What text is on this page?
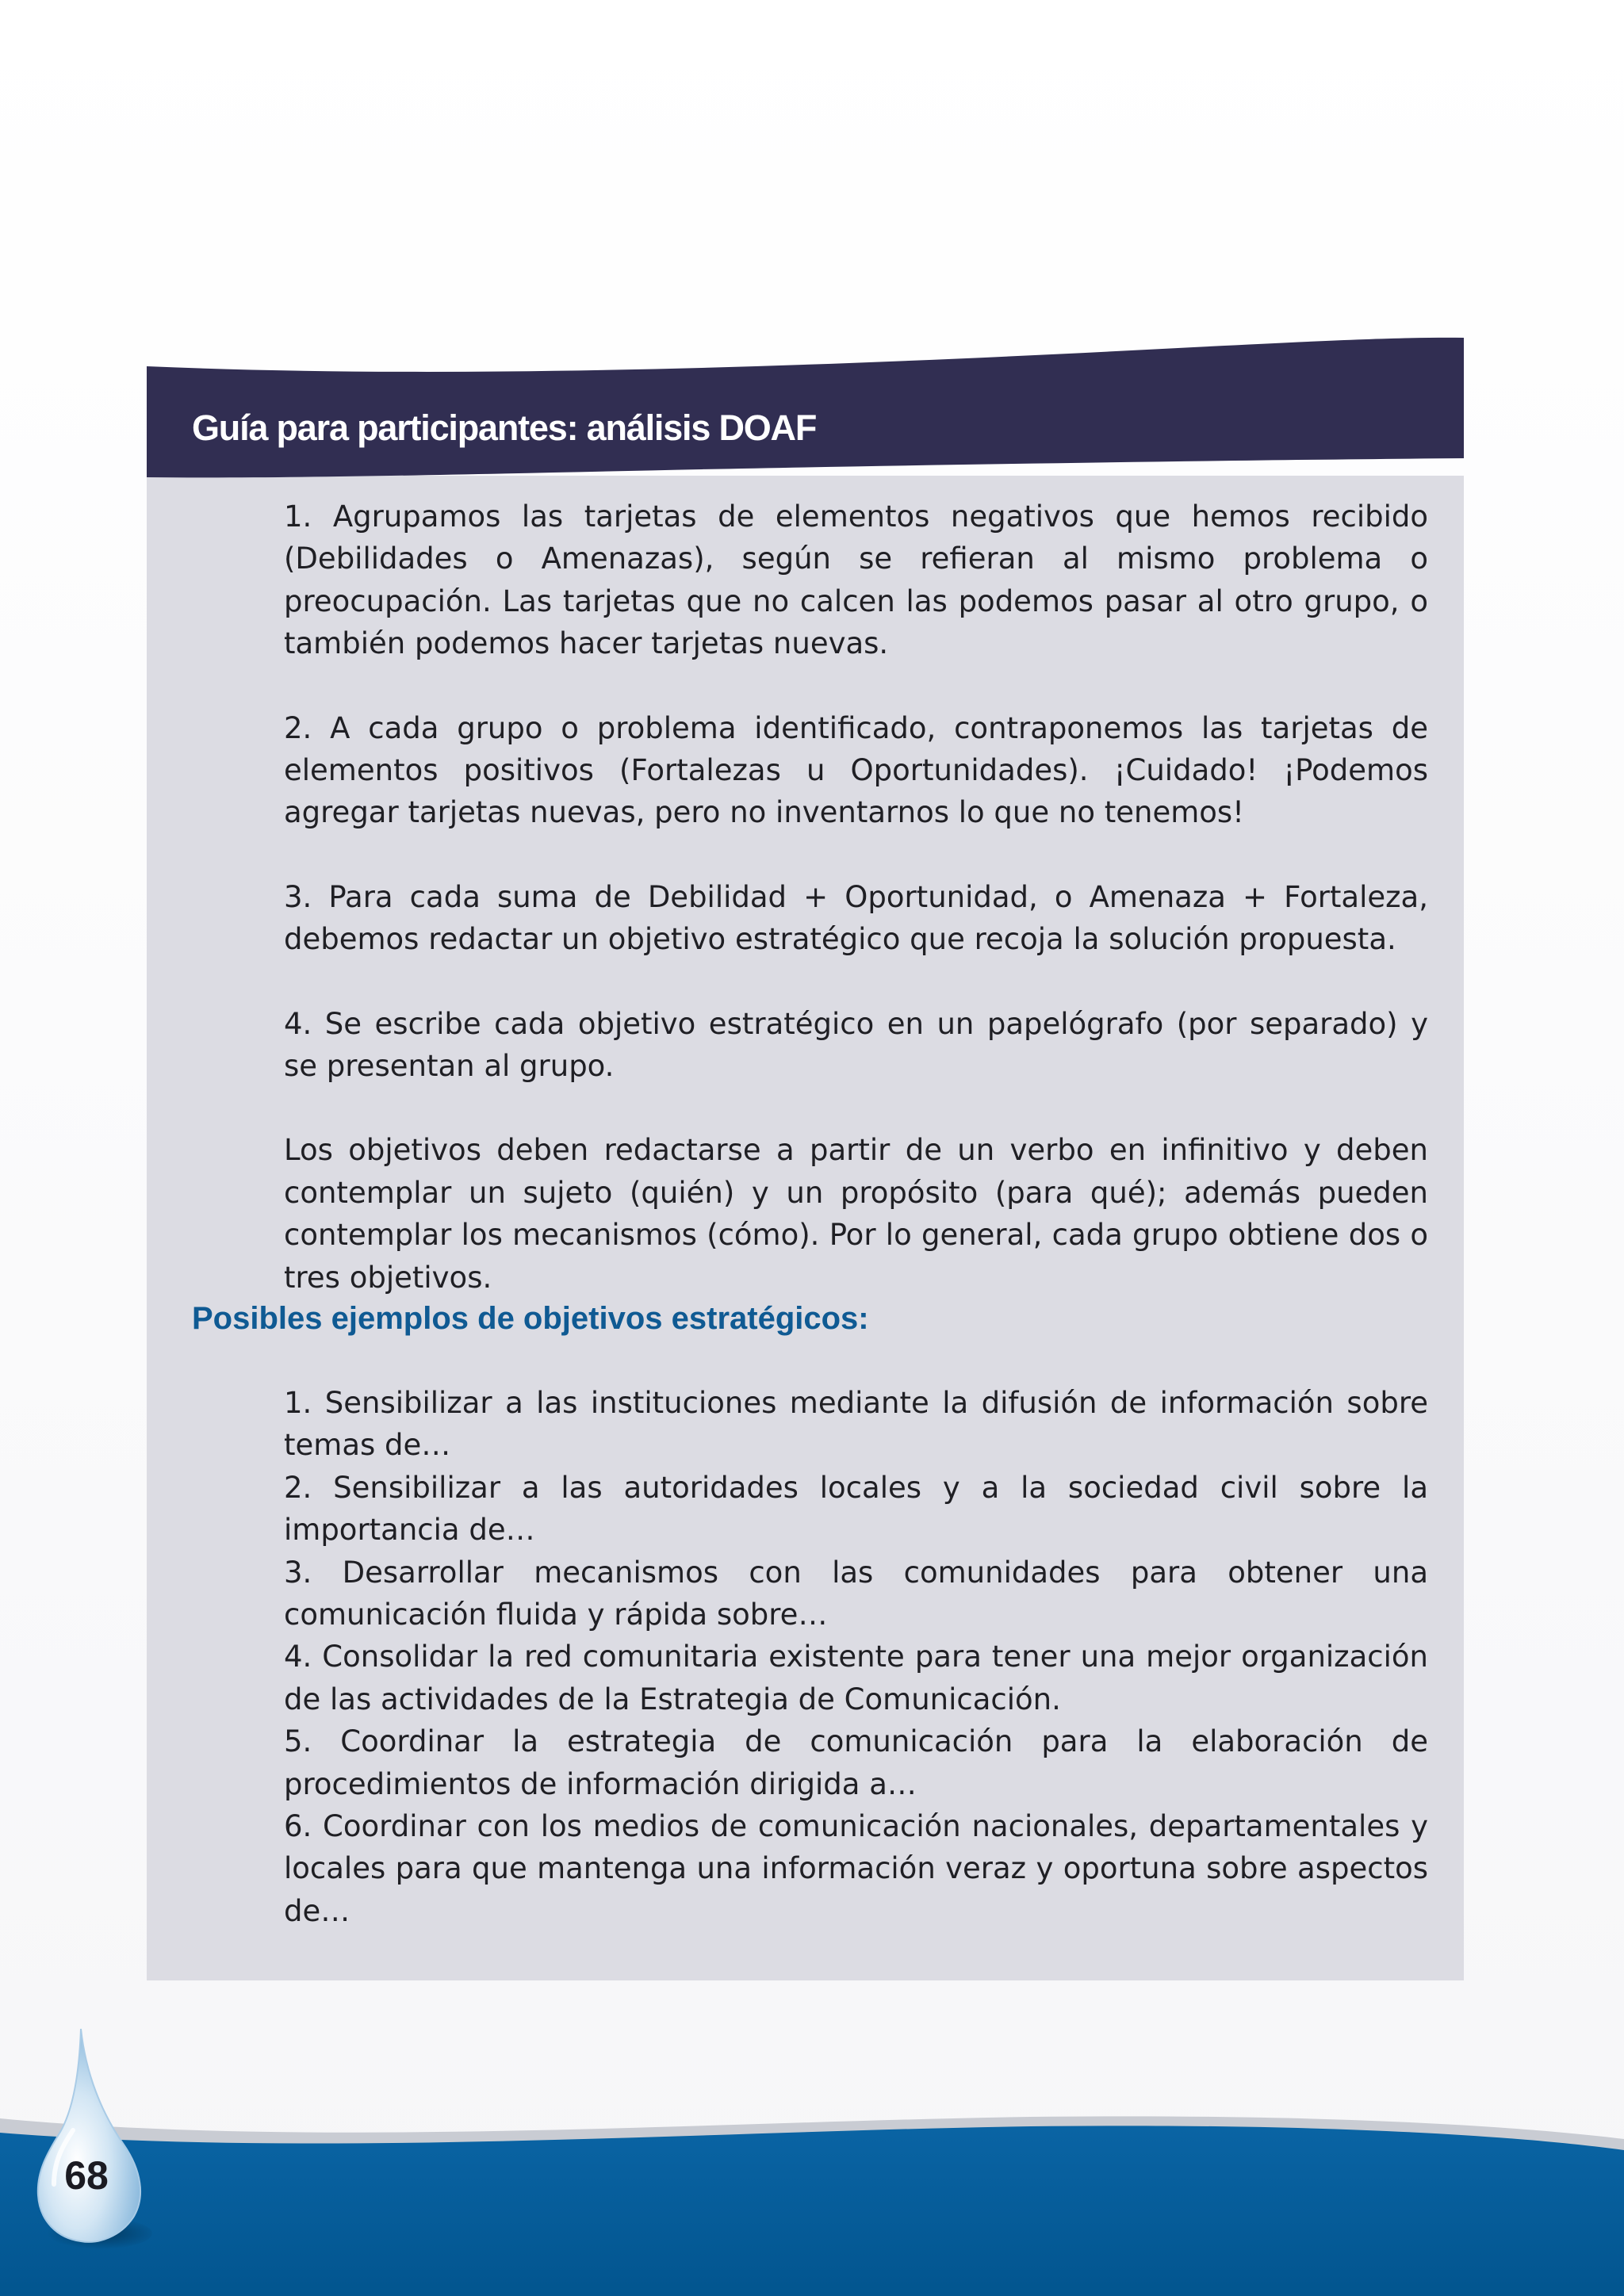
Guía para participantes: análisis DOAF

1. Agrupamos las tarjetas de elementos negativos que hemos recibido (Debilidades o Amenazas), según se refieran al mismo problema o preocupación. Las tarjetas que no calcen las podemos pasar al otro grupo, o también podemos hacer tarjetas nuevas.

2. A cada grupo o problema identificado, contraponemos las tarjetas de elementos positivos (Fortalezas u Oportunidades). ¡Cuidado! ¡Podemos agregar tarjetas nuevas, pero no inventarnos lo que no tenemos!

3. Para cada suma de Debilidad + Oportunidad, o Amenaza + Fortaleza, debemos redactar un objetivo estratégico que recoja la solución propuesta.

4. Se escribe cada objetivo estratégico en un papelógrafo (por separado) y se presentan al grupo.

Los objetivos deben redactarse a partir de un verbo en infinitivo y deben contemplar un sujeto (quién) y un propósito (para qué); además pueden contemplar los mecanismos (cómo). Por lo general, cada grupo obtiene dos o tres objetivos.

Posibles ejemplos de objetivos estratégicos:
1. Sensibilizar a las instituciones mediante la difusión de información sobre temas de…
2. Sensibilizar a las autoridades locales y a la sociedad civil sobre la importancia de…
3. Desarrollar mecanismos con las comunidades para obtener una comunicación fluida y rápida sobre…
4. Consolidar la red comunitaria existente para tener una mejor organización de las actividades de la Estrategia de Comunicación.
5. Coordinar la estrategia de comunicación para la elaboración de procedimientos de información dirigida a…
6. Coordinar con los medios de comunicación nacionales, departamentales y locales para que mantenga una información veraz y oportuna sobre aspectos de…

68
